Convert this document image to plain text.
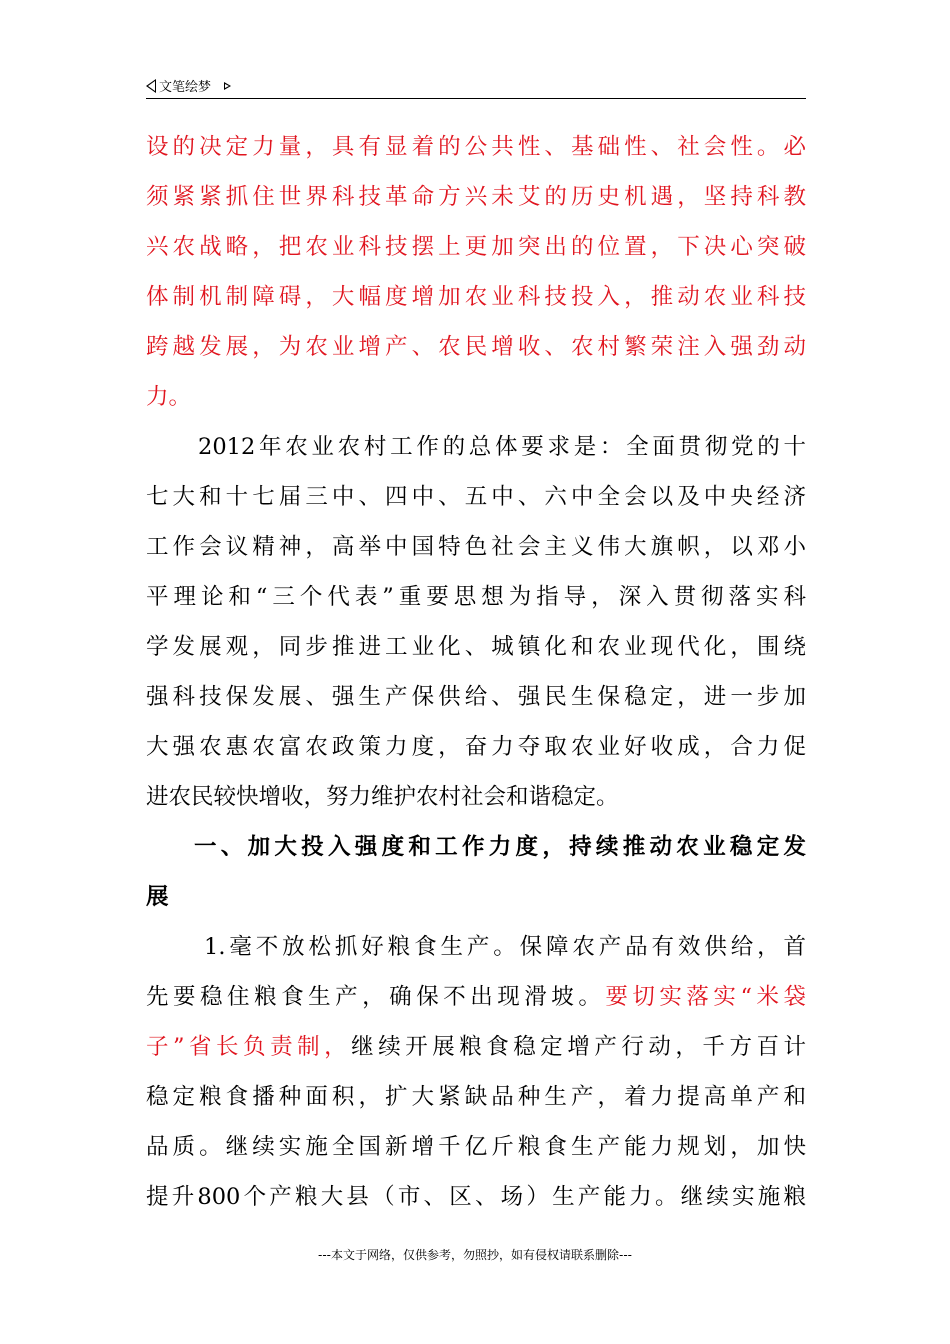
文笔绘梦
设的决定力量，具有显着的公共性、基础性、社会性。必
须紧紧抓住世界科技革命方兴未艾的历史机遇，坚持科教
兴农战略，把农业科技摆上更加突出的位置，下决心突破
体制机制障碍，大幅度增加农业科技投入，推动农业科技
跨越发展，为农业增产、农民增收、农村繁荣注入强劲动
力。
2012年农业农村工作的总体要求是：全面贯彻党的十
七大和十七届三中、四中、五中、六中全会以及中央经济
工作会议精神，高举中国特色社会主义伟大旗帜，以邓小
平理论和“三个代表”重要思想为指导，深入贯彻落实科
学发展观，同步推进工业化、城镇化和农业现代化，围绕
强科技保发展、强生产保供给、强民生保稳定，进一步加
大强农惠农富农政策力度，奋力夺取农业好收成，合力促
进农民较快增收，努力维护农村社会和谐稳定。
一、加大投入强度和工作力度，持续推动农业稳定发
展
1.毫不放松抓好粮食生产。保障农产品有效供给，首
先要稳住粮食生产，确保不出现滑坡。要切实落实“米袋
子”省长负责制，继续开展粮食稳定增产行动，千方百计
稳定粮食播种面积，扩大紧缺品种生产，着力提高单产和
品质。继续实施全国新增千亿斤粮食生产能力规划，加快
提升800个产粮大县（市、区、场）生产能力。继续实施粮
---本文于网络，仅供参考，勿照抄，如有侵权请联系删除---
